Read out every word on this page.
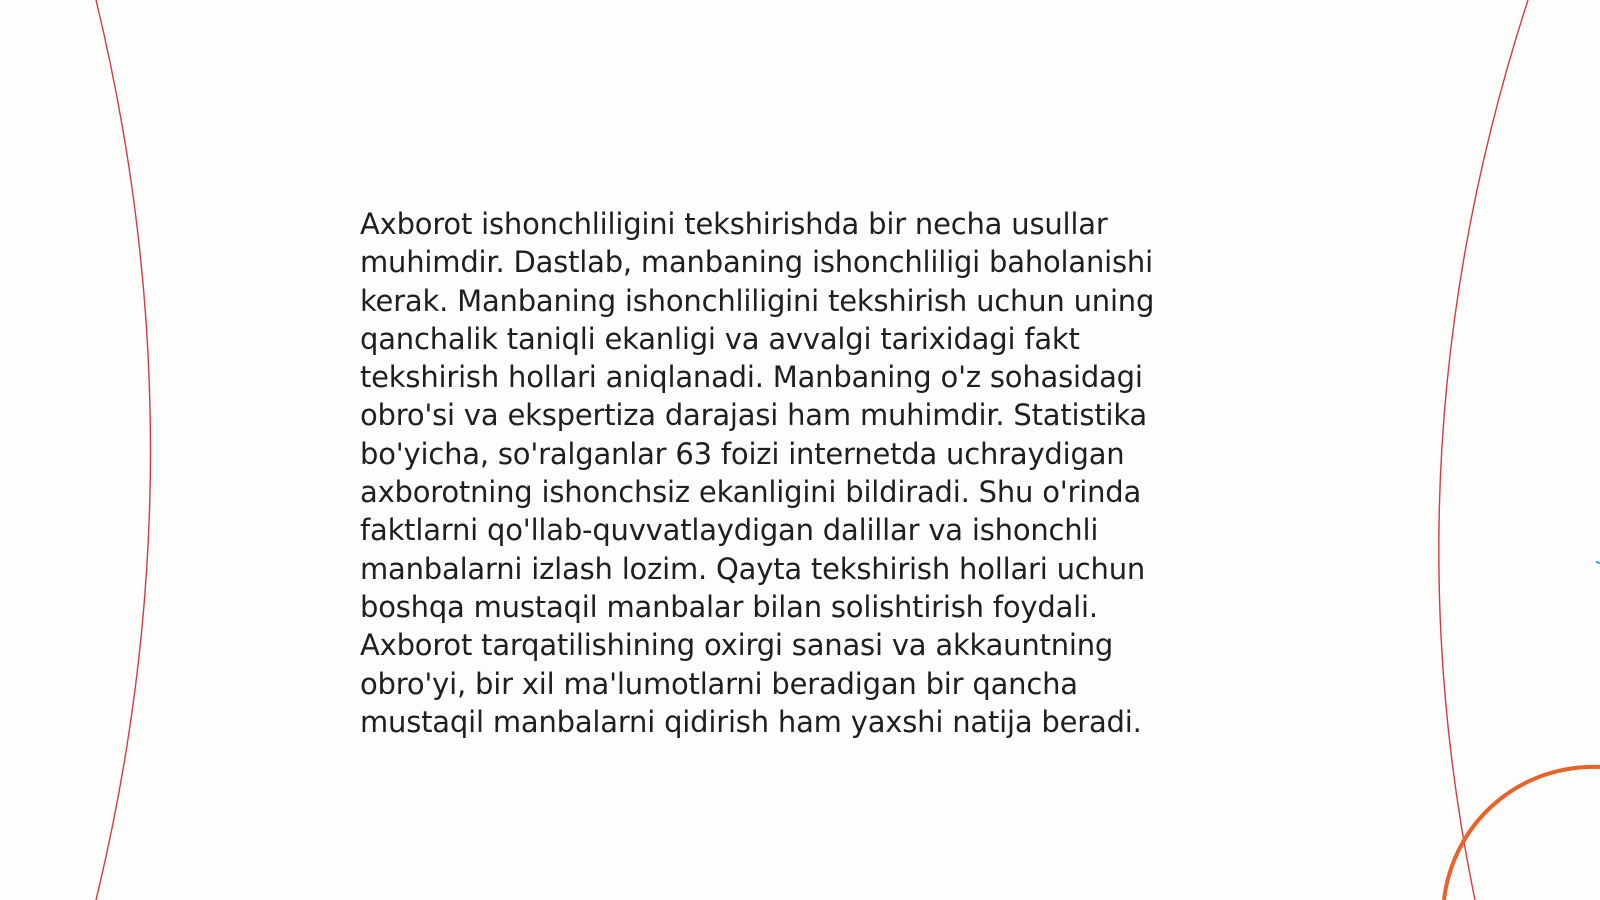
Axborot ishonchliligini tekshirishda bir necha usullar muhimdir. Dastlab, manbaning ishonchliligi baholanishi kerak. Manbaning ishonchliligini tekshirish uchun uning qanchalik taniqli ekanligi va avvalgi tarixidagi fakt tekshirish hollari aniqlanadi. Manbaning o'z sohasidagi obro'si va ekspertiza darajasi ham muhimdir. Statistika bo'yicha, so'ralganlar 63 foizi internetda uchraydigan axborotning ishonchsiz ekanligini bildiradi. Shu o'rinda faktlarni qo'llab-quvvatlaydigan dalillar va ishonchli manbalarni izlash lozim. Qayta tekshirish hollari uchun boshqa mustaqil manbalar bilan solishtirish foydali. Axborot tarqatilishining oxirgi sanasi va akkauntning obro'yi, bir xil ma'lumotlarni beradigan bir qancha mustaqil manbalarni qidirish ham yaxshi natija beradi.
